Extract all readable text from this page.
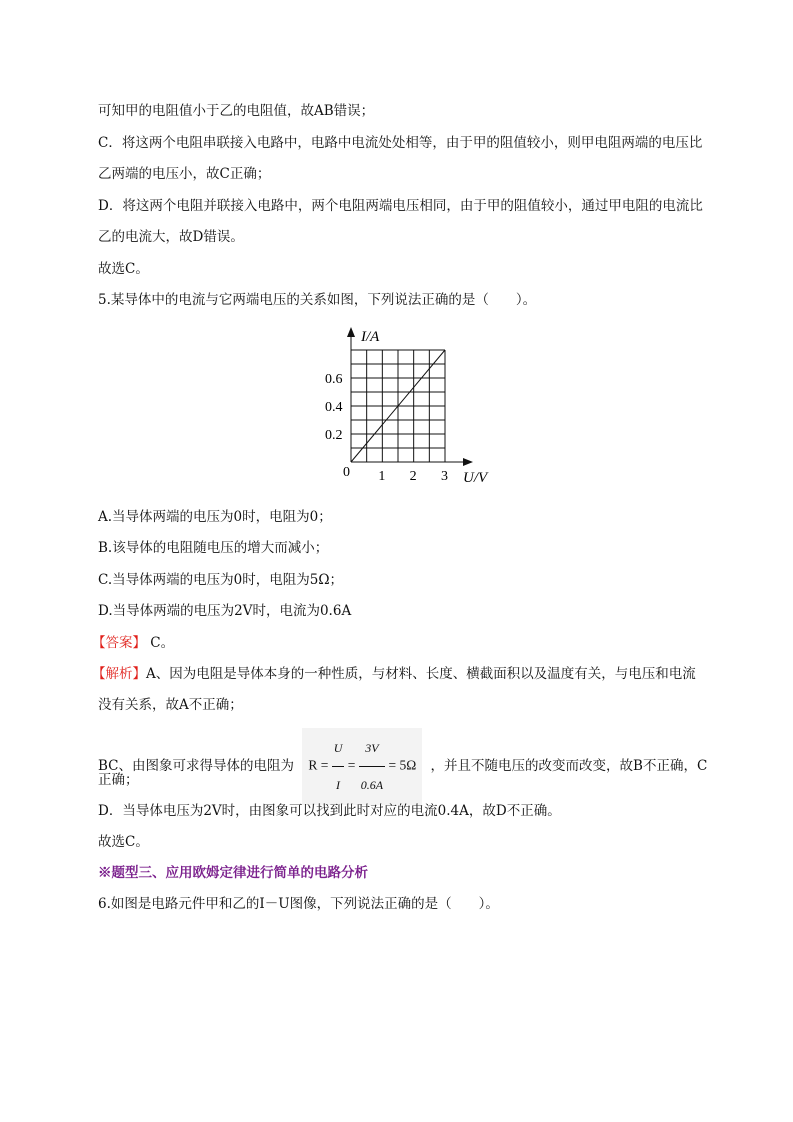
可知甲的电阻值小于乙的电阻值，故AB错误；
C．将这两个电阻串联接入电路中，电路中电流处处相等，由于甲的阻值较小，则甲电阻两端的电压比
乙两端的电压小，故C正确；
D．将这两个电阻并联接入电路中，两个电阻两端电压相同，由于甲的阻值较小，通过甲电阻的电流比
乙的电流大，故D错误。
故选C。
5.某导体中的电流与它两端电压的关系如图，下列说法正确的是（　　）。
I/A
U/V
0 1 2 3
0.2
0.4
0.6
A.当导体两端的电压为0时，电阻为0；
B.该导体的电阻随电压的增大而减小；
C.当导体两端的电压为0时，电阻为5Ω；
D.当导体两端的电压为2V时，电流为0.6A
【答案】 C。
【解析】A、因为电阻是导体本身的一种性质，与材料、长度、横截面积以及温度有关，与电压和电流
没有关系，故A不正确；
BC、由图象可求得导体的电阻为 $R = \frac{U}{I} = \frac{3V}{0.6A} = 5\Omega$ ，并且不随电压的改变而改变，故B不正确，C
正确；
D．当导体电压为2V时，由图象可以找到此时对应的电流0.4A，故D不正确。
故选C。
※题型三、应用欧姆定律进行简单的电路分析
6.如图是电路元件甲和乙的I－U图像，下列说法正确的是（　　）。
